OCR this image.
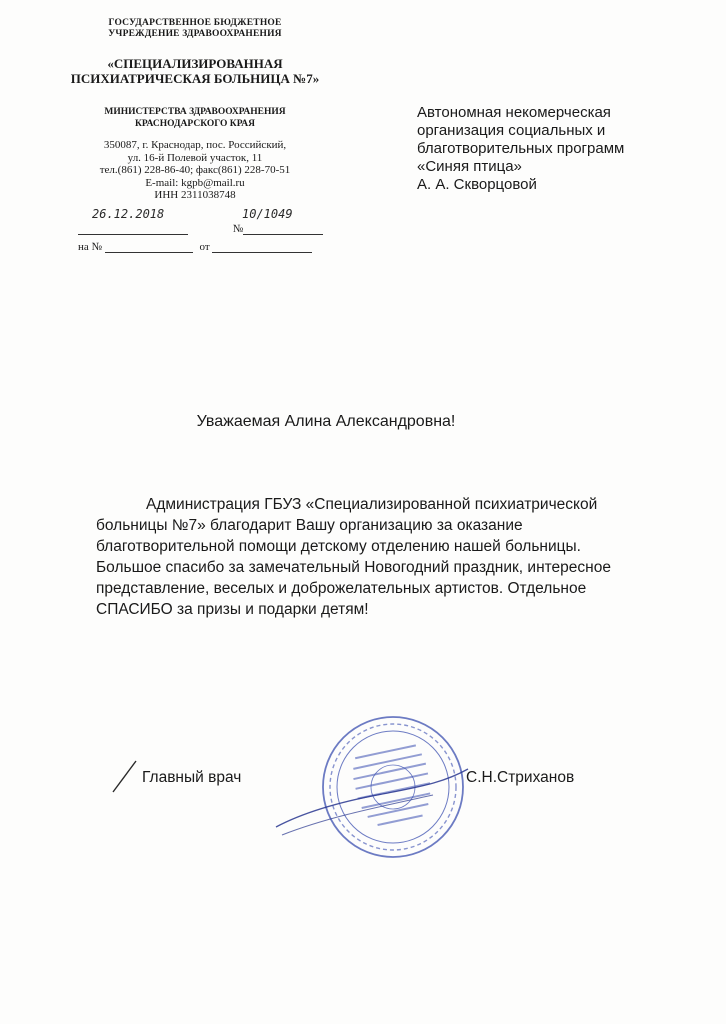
ГОСУДАРСТВЕННОЕ БЮДЖЕТНОЕ
УЧРЕЖДЕНИЕ ЗДРАВООХРАНЕНИЯ
«СПЕЦИАЛИЗИРОВАННАЯ
ПСИХИАТРИЧЕСКАЯ БОЛЬНИЦА №7»
МИНИСТЕРСТВА ЗДРАВООХРАНЕНИЯ
КРАСНОДАРСКОГО КРАЯ
350087, г. Краснодар, пос. Российский,
ул. 16-й Полевой участок, 11
тел.(861) 228-86-40; факс(861) 228-70-51
E-mail: kgpb@mail.ru
ИНН 2311038748
№
26.12.2018	10/1049
на №	от
Автономная некомерческая
организация социальных и
благотворительных программ
«Синяя птица»
А. А. Скворцовой
Уважаемая Алина Александровна!
Администрация ГБУЗ «Специализированной психиатрической
больницы №7» благодарит Вашу организацию за оказание
благотворительной помощи детскому отделению нашей больницы.
Большое спасибо за замечательный Новогодний праздник, интересное
представление, веселых и доброжелательных артистов. Отдельное
СПАСИБО за призы и подарки детям!
Главный врач	С.Н.Стриханов
